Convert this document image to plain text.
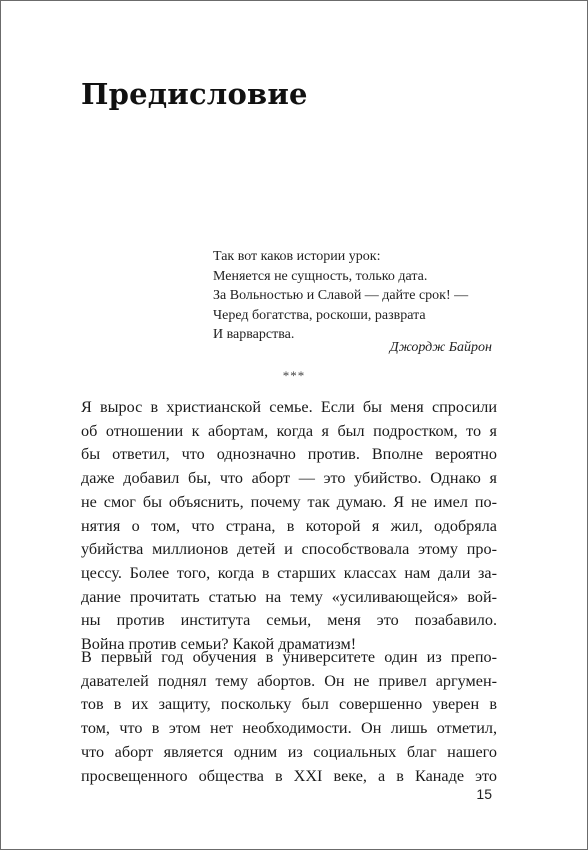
Предисловие
Так вот каков истории урок:
Меняется не сущность, только дата.
За Вольностью и Славой — дайте срок! —
Черед богатства, роскоши, разврата
И варварства.
Джордж Байрон
***
Я вырос в христианской семье. Если бы меня спросили
об отношении к абортам, когда я был подростком, то я
бы ответил, что однозначно против. Вполне вероятно
даже добавил бы, что аборт — это убийство. Однако я
не смог бы объяснить, почему так думаю. Я не имел по-
нятия о том, что страна, в которой я жил, одобряла
убийства миллионов детей и способствовала этому про-
цессу. Более того, когда в старших классах нам дали за-
дание прочитать статью на тему «усиливающейся» вой-
ны против института семьи, меня это позабавило.
Война против семьи? Какой драматизм!
В первый год обучения в университете один из препо-
давателей поднял тему абортов. Он не привел аргумен-
тов в их защиту, поскольку был совершенно уверен в
том, что в этом нет необходимости. Он лишь отметил,
что аборт является одним из социальных благ нашего
просвещенного общества в XXI веке, а в Канаде это
15
